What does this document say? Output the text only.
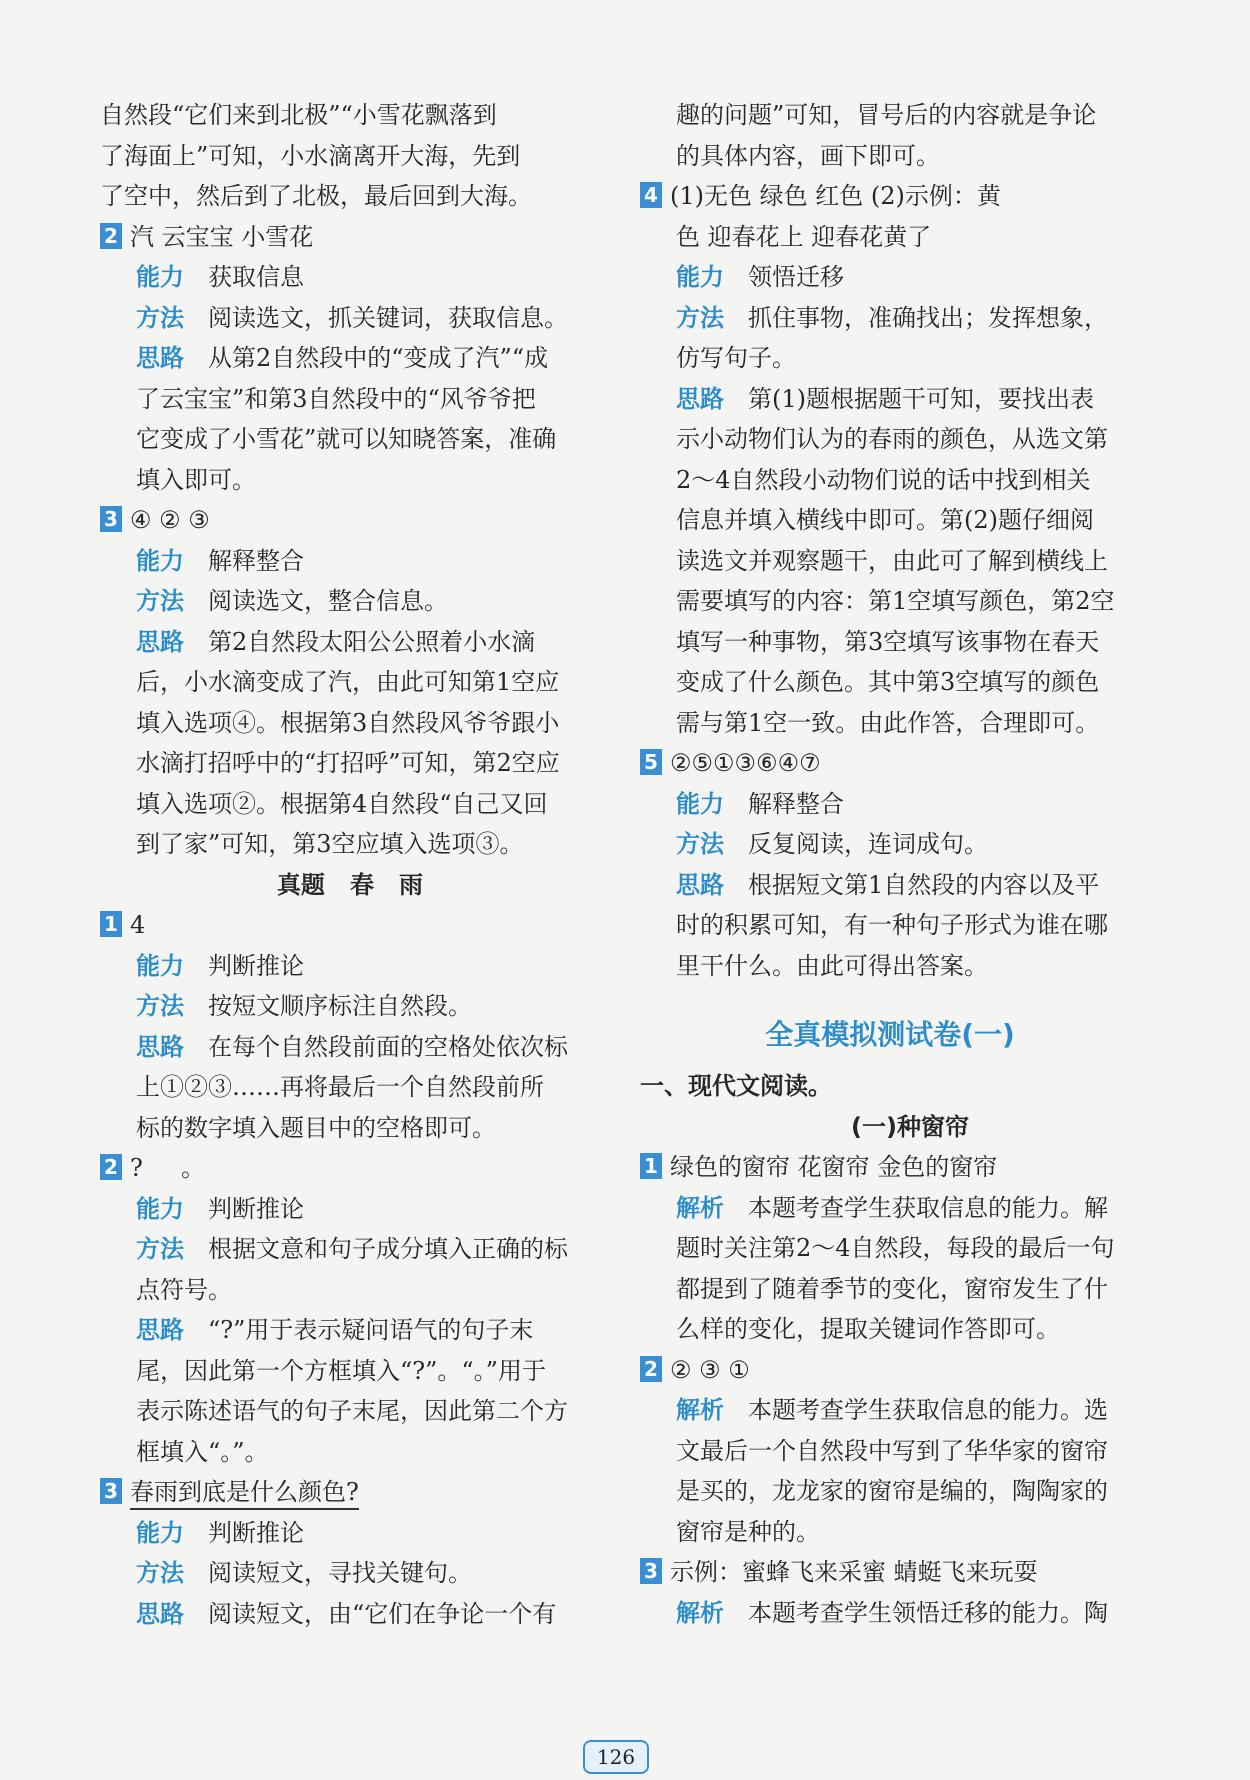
自然段“它们来到北极”“小雪花飘落到

了海面上”可知，小水滴离开大海，先到

了空中，然后到了北极，最后回到大海。

2 汽 云宝宝 小雪花

能力 获取信息

方法 阅读选文，抓关键词，获取信息。

思路 从第2自然段中的“变成了汽”“成

了云宝宝”和第3自然段中的“风爷爷把

它变成了小雪花”就可以知晓答案，准确

填入即可。

3 ④ ② ③

能力 解释整合

方法 阅读选文，整合信息。

思路 第2自然段太阳公公照着小水滴

后，小水滴变成了汽，由此可知第1空应

填入选项④。根据第3自然段风爷爷跟小

水滴打招呼中的“打招呼”可知，第2空应

填入选项②。根据第4自然段“自己又回

到了家”可知，第3空应填入选项③。

真题   春   雨

1 4

能力 判断推论

方法 按短文顺序标注自然段。

思路 在每个自然段前面的空格处依次标

上①②③……再将最后一个自然段前所

标的数字填入题目中的空格即可。

2 ?     。

能力 判断推论

方法 根据文意和句子成分填入正确的标

点符号。

思路 “?”用于表示疑问语气的句子末

尾，因此第一个方框填入“?”。“。”用于

表示陈述语气的句子末尾，因此第二个方

框填入“。”。

3 春雨到底是什么颜色?

能力 判断推论

方法 阅读短文，寻找关键句。

思路 阅读短文，由“它们在争论一个有

趣的问题”可知，冒号后的内容就是争论

的具体内容，画下即可。

4 (1)无色 绿色 红色 (2)示例：黄

色 迎春花上 迎春花黄了

能力 领悟迁移

方法 抓住事物，准确找出；发挥想象，

仿写句子。

思路 第(1)题根据题干可知，要找出表

示小动物们认为的春雨的颜色，从选文第

2～4自然段小动物们说的话中找到相关

信息并填入横线中即可。第(2)题仔细阅

读选文并观察题干，由此可了解到横线上

需要填写的内容：第1空填写颜色，第2空

填写一种事物，第3空填写该事物在春天

变成了什么颜色。其中第3空填写的颜色

需与第1空一致。由此作答，合理即可。

5 ②⑤①③⑥④⑦

能力 解释整合

方法 反复阅读，连词成句。

思路 根据短文第1自然段的内容以及平

时的积累可知，有一种句子形式为谁在哪

里干什么。由此可得出答案。

全真模拟测试卷(一)
一、现代文阅读。
(一)种窗帘

1 绿色的窗帘 花窗帘 金色的窗帘

解析 本题考查学生获取信息的能力。解

题时关注第2～4自然段，每段的最后一句

都提到了随着季节的变化，窗帘发生了什

么样的变化，提取关键词作答即可。

2 ② ③ ①

解析 本题考查学生获取信息的能力。选

文最后一个自然段中写到了华华家的窗帘

是买的，龙龙家的窗帘是编的，陶陶家的

窗帘是种的。

3 示例：蜜蜂飞来采蜜 蜻蜓飞来玩耍

解析 本题考查学生领悟迁移的能力。陶

126
